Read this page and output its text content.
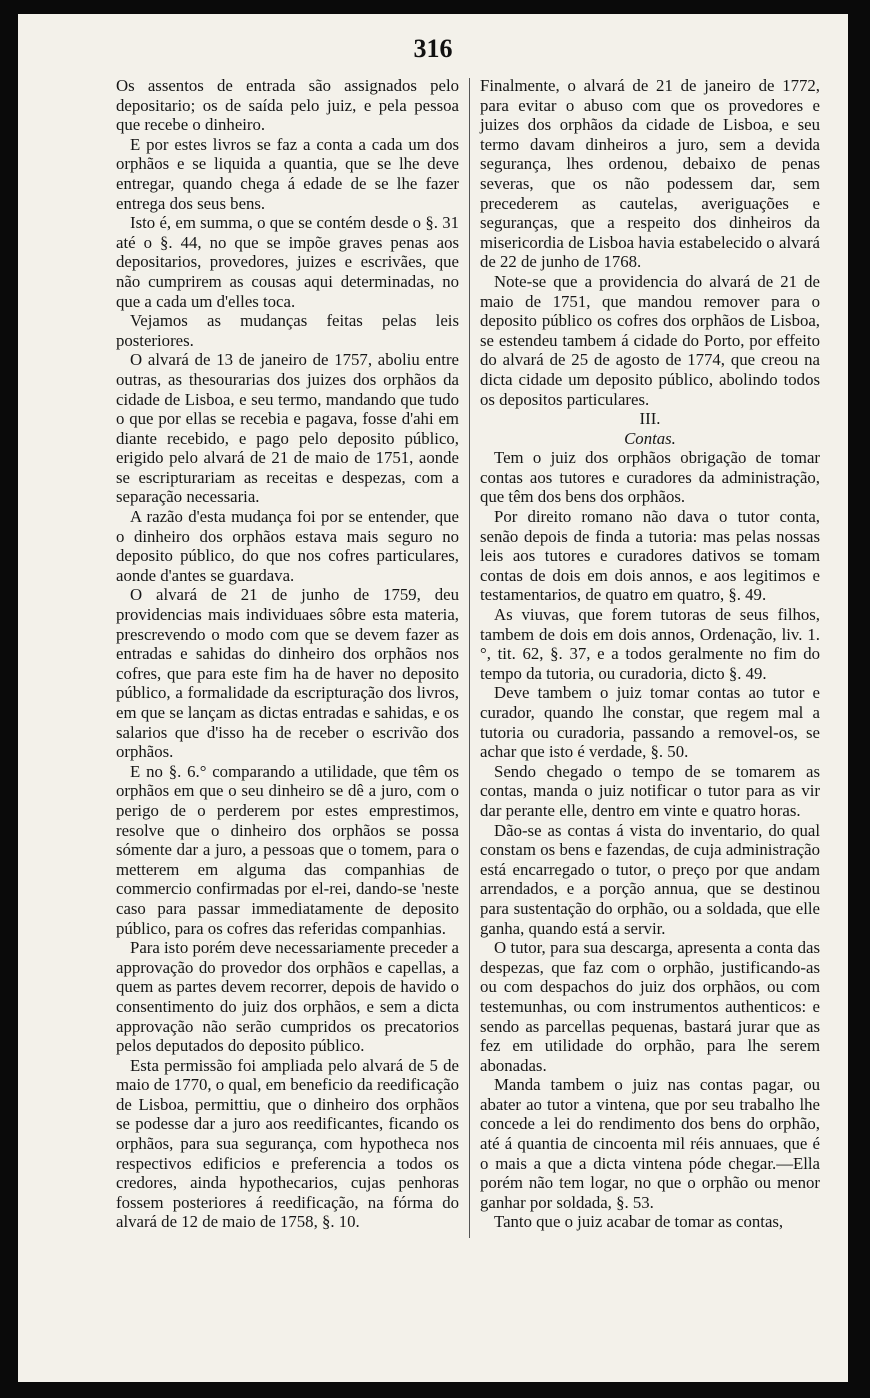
316

Os assentos de entrada são assignados pelo depositario; os de saída pelo juiz, e pela pessoa que recebe o dinheiro.

E por estes livros se faz a conta a cada um dos orphãos e se liquida a quantia, que se lhe deve entregar, quando chega á edade de se lhe fazer entrega dos seus bens.

Isto é, em summa, o que se contém desde o §. 31 até o §. 44, no que se impõe graves penas aos depositarios, provedores, juizes e escrivães, que não cumprirem as cousas aqui determinadas, no que a cada um d'elles toca.

Vejamos as mudanças feitas pelas leis posteriores.

O alvará de 13 de janeiro de 1757, aboliu entre outras, as thesourarias dos juizes dos orphãos da cidade de Lisboa, e seu termo, mandando que tudo o que por ellas se recebia e pagava, fosse d'ahi em diante recebido, e pago pelo deposito público, erigido pelo alvará de 21 de maio de 1751, aonde se escripturariam as receitas e despezas, com a separação necessaria.

A razão d'esta mudança foi por se entender, que o dinheiro dos orphãos estava mais seguro no deposito público, do que nos cofres particulares, aonde d'antes se guardava.

O alvará de 21 de junho de 1759, deu providencias mais individuaes sôbre esta materia, prescrevendo o modo com que se devem fazer as entradas e sahidas do dinheiro dos orphãos nos cofres, que para este fim ha de haver no deposito público, a formalidade da escripturação dos livros, em que se lançam as dictas entradas e sahidas, e os salarios que d'isso ha de receber o escrivão dos orphãos.

E no §. 6.° comparando a utilidade, que têm os orphãos em que o seu dinheiro se dê a juro, com o perigo de o perderem por estes emprestimos, resolve que o dinheiro dos orphãos se possa sómente dar a juro, a pessoas que o tomem, para o metterem em alguma das companhias de commercio confirmadas por el-rei, dando-se 'neste caso para passar immediatamente de deposito público, para os cofres das referidas companhias.

Para isto porém deve necessariamente preceder a approvação do provedor dos orphãos e capellas, a quem as partes devem recorrer, depois de havido o consentimento do juiz dos orphãos, e sem a dicta approvação não serão cumpridos os precatorios pelos deputados do deposito público.

Esta permissão foi ampliada pelo alvará de 5 de maio de 1770, o qual, em beneficio da reedificação de Lisboa, permittiu, que o dinheiro dos orphãos se podesse dar a juro aos reedificantes, ficando os orphãos, para sua segurança, com hypotheca nos respectivos edificios e preferencia a todos os credores, ainda hypothecarios, cujas penhoras fossem posteriores á reedificação, na fórma do alvará de 12 de maio de 1758, §. 10.

Finalmente, o alvará de 21 de janeiro de 1772, para evitar o abuso com que os provedores e juizes dos orphãos da cidade de Lisboa, e seu termo davam dinheiros a juro, sem a devida segurança, lhes ordenou, debaixo de penas severas, que os não podessem dar, sem precederem as cautelas, averiguações e seguranças, que a respeito dos dinheiros da misericordia de Lisboa havia estabelecido o alvará de 22 de junho de 1768.

Note-se que a providencia do alvará de 21 de maio de 1751, que mandou remover para o deposito público os cofres dos orphãos de Lisboa, se estendeu tambem á cidade do Porto, por effeito do alvará de 25 de agosto de 1774, que creou na dicta cidade um deposito público, abolindo todos os depositos particulares.

III.

Contas.

Tem o juiz dos orphãos obrigação de tomar contas aos tutores e curadores da administração, que têm dos bens dos orphãos.

Por direito romano não dava o tutor conta, senão depois de finda a tutoria: mas pelas nossas leis aos tutores e curadores dativos se tomam contas de dois em dois annos, e aos legitimos e testamentarios, de quatro em quatro, §. 49.

As viuvas, que forem tutoras de seus filhos, tambem de dois em dois annos, Ordenação, liv. 1.°, tit. 62, §. 37, e a todos geralmente no fim do tempo da tutoria, ou curadoria, dicto §. 49.

Deve tambem o juiz tomar contas ao tutor e curador, quando lhe constar, que regem mal a tutoria ou curadoria, passando a removel-os, se achar que isto é verdade, §. 50.

Sendo chegado o tempo de se tomarem as contas, manda o juiz notificar o tutor para as vir dar perante elle, dentro em vinte e quatro horas.

Dão-se as contas á vista do inventario, do qual constam os bens e fazendas, de cuja administração está encarregado o tutor, o preço por que andam arrendados, e a porção annua, que se destinou para sustentação do orphão, ou a soldada, que elle ganha, quando está a servir.

O tutor, para sua descarga, apresenta a conta das despezas, que faz com o orphão, justificando-as ou com despachos do juiz dos orphãos, ou com testemunhas, ou com instrumentos authenticos: e sendo as parcellas pequenas, bastará jurar que as fez em utilidade do orphão, para lhe serem abonadas.

Manda tambem o juiz nas contas pagar, ou abater ao tutor a vintena, que por seu trabalho lhe concede a lei do rendimento dos bens do orphão, até á quantia de cincoenta mil réis annuaes, que é o mais a que a dicta vintena póde chegar.—Ella porém não tem logar, no que o orphão ou menor ganhar por soldada, §. 53.

Tanto que o juiz acabar de tomar as contas,
